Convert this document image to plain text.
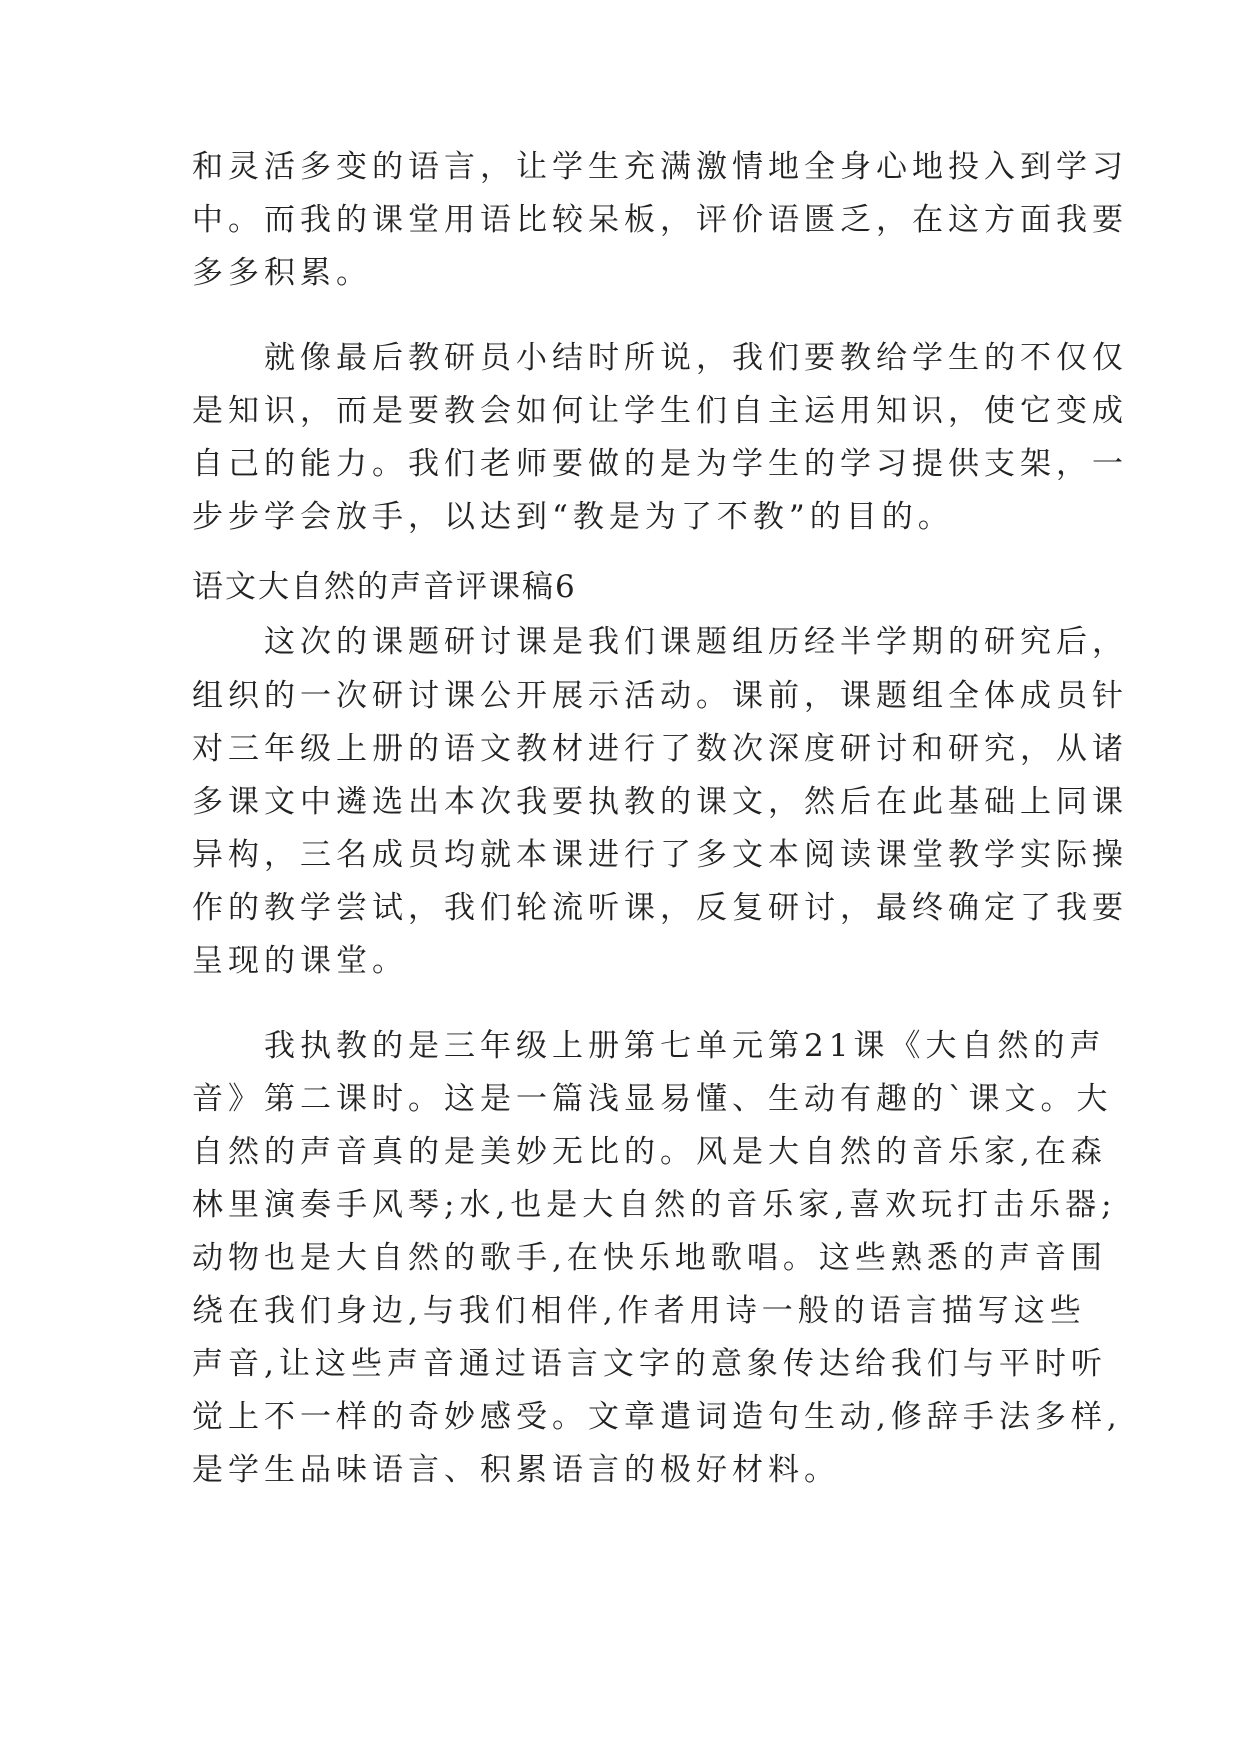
和灵活多变的语言，让学生充满激情地全身心地投入到学习
中。而我的课堂用语比较呆板，评价语匮乏，在这方面我要
多多积累。
　　就像最后教研员小结时所说，我们要教给学生的不仅仅
是知识，而是要教会如何让学生们自主运用知识，使它变成
自己的能力。我们老师要做的是为学生的学习提供支架，一
步步学会放手，以达到“教是为了不教”的目的。
语文大自然的声音评课稿6
　　这次的课题研讨课是我们课题组历经半学期的研究后，
组织的一次研讨课公开展示活动。课前，课题组全体成员针
对三年级上册的语文教材进行了数次深度研讨和研究，从诸
多课文中遴选出本次我要执教的课文，然后在此基础上同课
异构，三名成员均就本课进行了多文本阅读课堂教学实际操
作的教学尝试，我们轮流听课，反复研讨，最终确定了我要
呈现的课堂。
　　我执教的是三年级上册第七单元第21课《大自然的声
音》第二课时。这是一篇浅显易懂、生动有趣的`课文。大
自然的声音真的是美妙无比的。风是大自然的音乐家,在森
林里演奏手风琴;水,也是大自然的音乐家,喜欢玩打击乐器;
动物也是大自然的歌手,在快乐地歌唱。这些熟悉的声音围
绕在我们身边,与我们相伴,作者用诗一般的语言描写这些
声音,让这些声音通过语言文字的意象传达给我们与平时听
觉上不一样的奇妙感受。文章遣词造句生动,修辞手法多样,
是学生品味语言、积累语言的极好材料。
